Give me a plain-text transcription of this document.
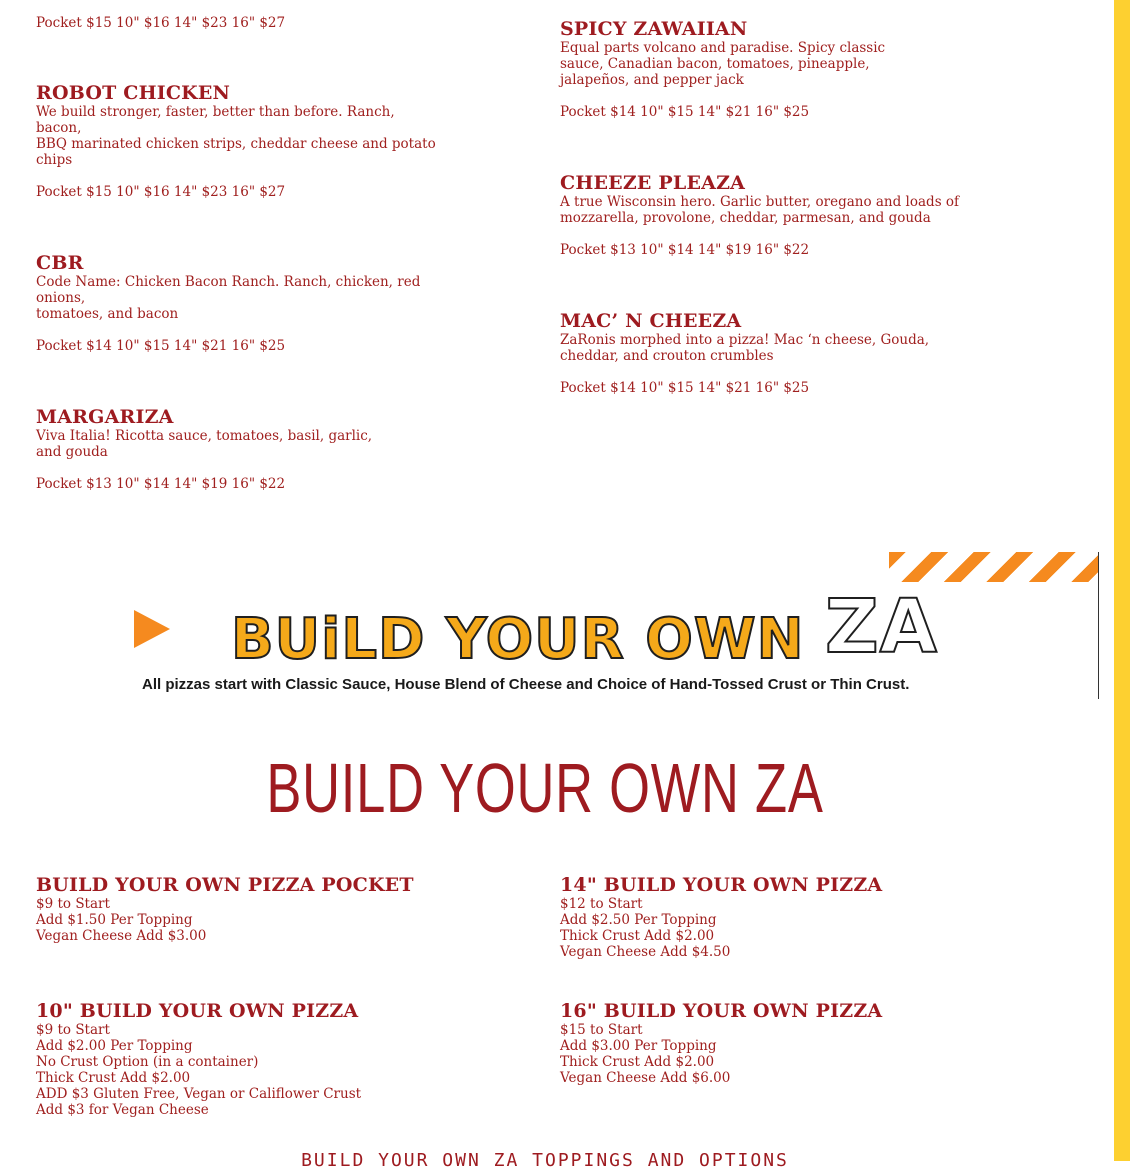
Pocket $15 10" $16 14" $23 16" $27
ROBOT CHICKEN
We build stronger, faster, better than before. Ranch, bacon,
BBQ marinated chicken strips, cheddar cheese and potato chips
Pocket $15 10" $16 14" $23 16" $27
CBR
Code Name: Chicken Bacon Ranch. Ranch, chicken, red onions,
tomatoes, and bacon
Pocket $14 10" $15 14" $21 16" $25
MARGARIZA
Viva Italia! Ricotta sauce, tomatoes, basil, garlic, and gouda
Pocket $13 10" $14 14" $19 16" $22
SPICY ZAWAIIAN
Equal parts volcano and paradise. Spicy classic sauce, Canadian bacon, tomatoes, pineapple, jalapeños, and pepper jack
Pocket $14 10" $15 14" $21 16" $25
CHEEZE PLEAZA
A true Wisconsin hero. Garlic butter, oregano and loads of mozzarella, provolone, cheddar, parmesan, and gouda
Pocket $13 10" $14 14" $19 16" $22
MAC’ N CHEEZA
ZaRonis morphed into a pizza! Mac ‘n cheese, Gouda, cheddar, and crouton crumbles
Pocket $14 10" $15 14" $21 16" $25
BUiLD YOUR OWN ZA
All pizzas start with Classic Sauce, House Blend of Cheese and Choice of Hand-Tossed Crust or Thin Crust.
BUILD YOUR OWN ZA
BUILD YOUR OWN PIZZA POCKET
$9 to Start
Add $1.50 Per Topping
Vegan Cheese Add $3.00
10" BUILD YOUR OWN PIZZA
$9 to Start
Add $2.00 Per Topping
No Crust Option (in a container)
Thick Crust Add $2.00
ADD $3 Gluten Free, Vegan or Califlower Crust
Add $3 for Vegan Cheese
14" BUILD YOUR OWN PIZZA
$12 to Start
Add $2.50 Per Topping
Thick Crust Add $2.00
Vegan Cheese Add $4.50
16" BUILD YOUR OWN PIZZA
$15 to Start
Add $3.00 Per Topping
Thick Crust Add $2.00
Vegan Cheese Add $6.00
BUILD YOUR OWN ZA TOPPINGS AND OPTIONS
